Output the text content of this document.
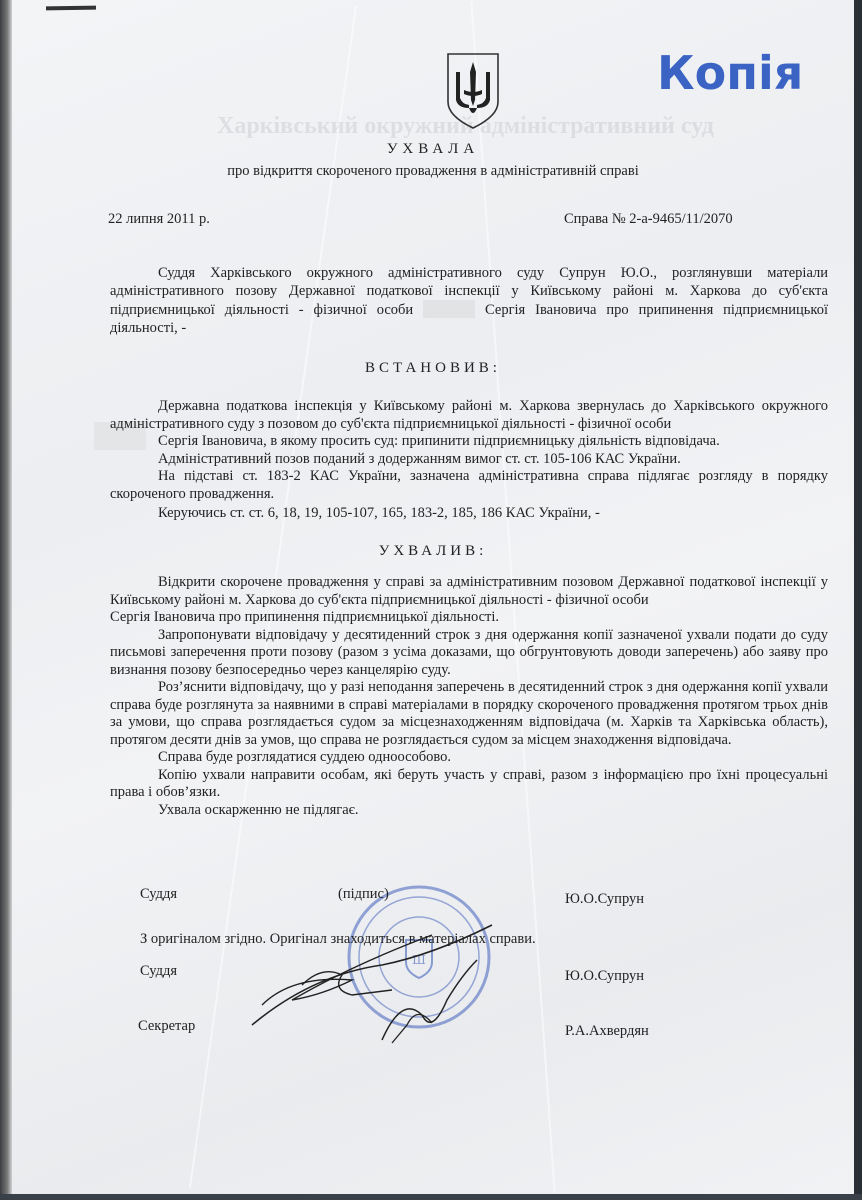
Харківський окружний адміністративний суд
Копія
УХВАЛА
про відкриття скороченого провадження в адміністративній справі
22 липня 2011 р.	Справа № 2-а-9465/11/2070

Суддя Харківського окружного адміністративного суду Супрун Ю.О., розглянувши матеріали адміністративного позову Державної податкової інспекції у Київському районі м. Харкова до суб'єкта підприємницької діяльності - фізичної особи	Сергія Івановича про припинення підприємницької діяльності, -

ВСТАНОВИВ:

Державна податкова інспекція у Київському районі м. Харкова звернулась до Харківського окружного адміністративного суду з позовом до суб'єкта підприємницької діяльності - фізичної особи

Сергія Івановича, в якому просить суд: припинити підприємницьку діяльність відповідача.

Адміністративний позов поданий з додержанням вимог ст. ст. 105-106 КАС України.

На підставі ст. 183-2 КАС України, зазначена адміністративна справа підлягає розгляду в порядку скороченого провадження.

Керуючись ст. ст. 6, 18, 19, 105-107, 165, 183-2, 185, 186 КАС України, -

УХВАЛИВ:

Відкрити скорочене провадження у справі за адміністративним позовом Державної податкової інспекції у Київському районі м. Харкова до суб'єкта підприємницької діяльності - фізичної особи

Сергія Івановича про припинення підприємницької діяльності.

Запропонувати відповідачу у десятиденний строк з дня одержання копії зазначеної ухвали подати до суду письмові заперечення проти позову (разом з усіма доказами, що обгрунтовують доводи заперечень) або заяву про визнання позову безпосередньо через канцелярію суду.

Роз’яснити відповідачу, що у разі неподання заперечень в десятиденний строк з дня одержання копії ухвали справа буде розглянута за наявними в справі матеріалами в порядку скороченого провадження протягом трьох днів за умови, що справа розглядається судом за місцезнаходженням відповідача (м. Харків та Харківська область), протягом десяти днів за умов, що справа не розглядається судом за місцем знаходження відповідача.

Справа буде розглядатися суддею одноособово.

Копію ухвали направити особам, які беруть участь у справі, разом з інформацією про їхні процесуальні права і обов’язки.

Ухвала оскарженню не підлягає.

Ш
Суддя	(підпис)	Ю.О.Супрун
З оригіналом згідно. Оригінал знаходиться в матеріалах справи.
Суддя	Ю.О.Супрун
Секретар	Р.А.Ахвердян
